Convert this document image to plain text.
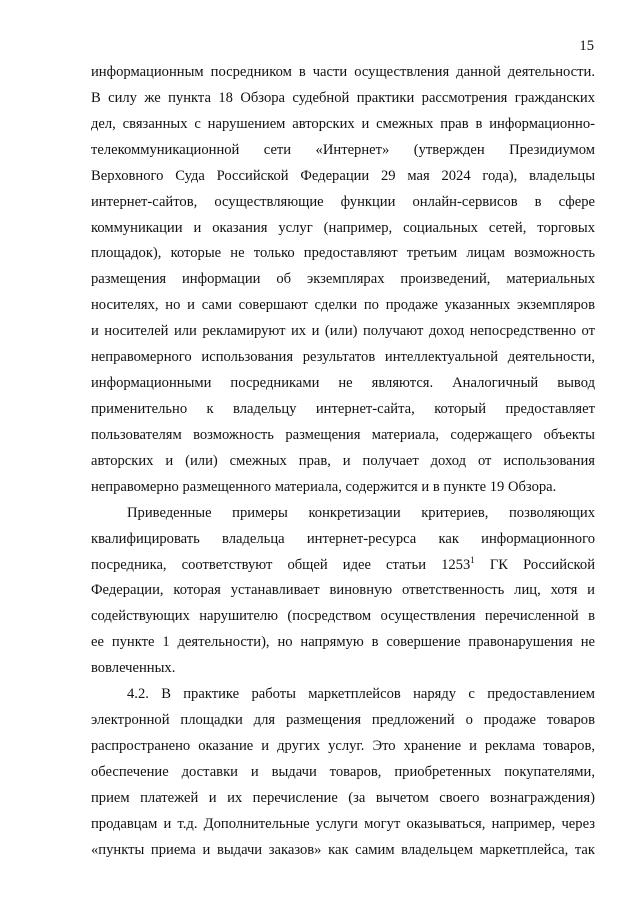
15
информационным посредником в части осуществления данной деятельности.
В силу же пункта 18 Обзора судебной практики рассмотрения гражданских
дел, связанных с нарушением авторских и смежных прав в информационно-
телекоммуникационной сети «Интернет» (утвержден Президиумом
Верховного Суда Российской Федерации 29 мая 2024 года), владельцы
интернет-сайтов, осуществляющие функции онлайн-сервисов в сфере
коммуникации и оказания услуг (например, социальных сетей, торговых
площадок), которые не только предоставляют третьим лицам возможность
размещения информации об экземплярах произведений, материальных
носителях, но и сами совершают сделки по продаже указанных экземпляров
и носителей или рекламируют их и (или) получают доход непосредственно от
неправомерного использования результатов интеллектуальной деятельности,
информационными посредниками не являются. Аналогичный вывод
применительно к владельцу интернет-сайта, который предоставляет
пользователям возможность размещения материала, содержащего объекты
авторских и (или) смежных прав, и получает доход от использования
неправомерно размещенного материала, содержится и в пункте 19 Обзора.
Приведенные примеры конкретизации критериев, позволяющих
квалифицировать владельца интернет-ресурса как информационного
посредника, соответствуют общей идее статьи 1253$^1$ ГК Российской
Федерации, которая устанавливает виновную ответственность лиц, хотя и
содействующих нарушителю (посредством осуществления перечисленной в
ее пункте 1 деятельности), но напрямую в совершение правонарушения не
вовлеченных.
4.2. В практике работы маркетплейсов наряду с предоставлением
электронной площадки для размещения предложений о продаже товаров
распространено оказание и других услуг. Это хранение и реклама товаров,
обеспечение доставки и выдачи товаров, приобретенных покупателями,
прием платежей и их перечисление (за вычетом своего вознаграждения)
продавцам и т.д. Дополнительные услуги могут оказываться, например, через
«пункты приема и выдачи заказов» как самим владельцем маркетплейса, так
